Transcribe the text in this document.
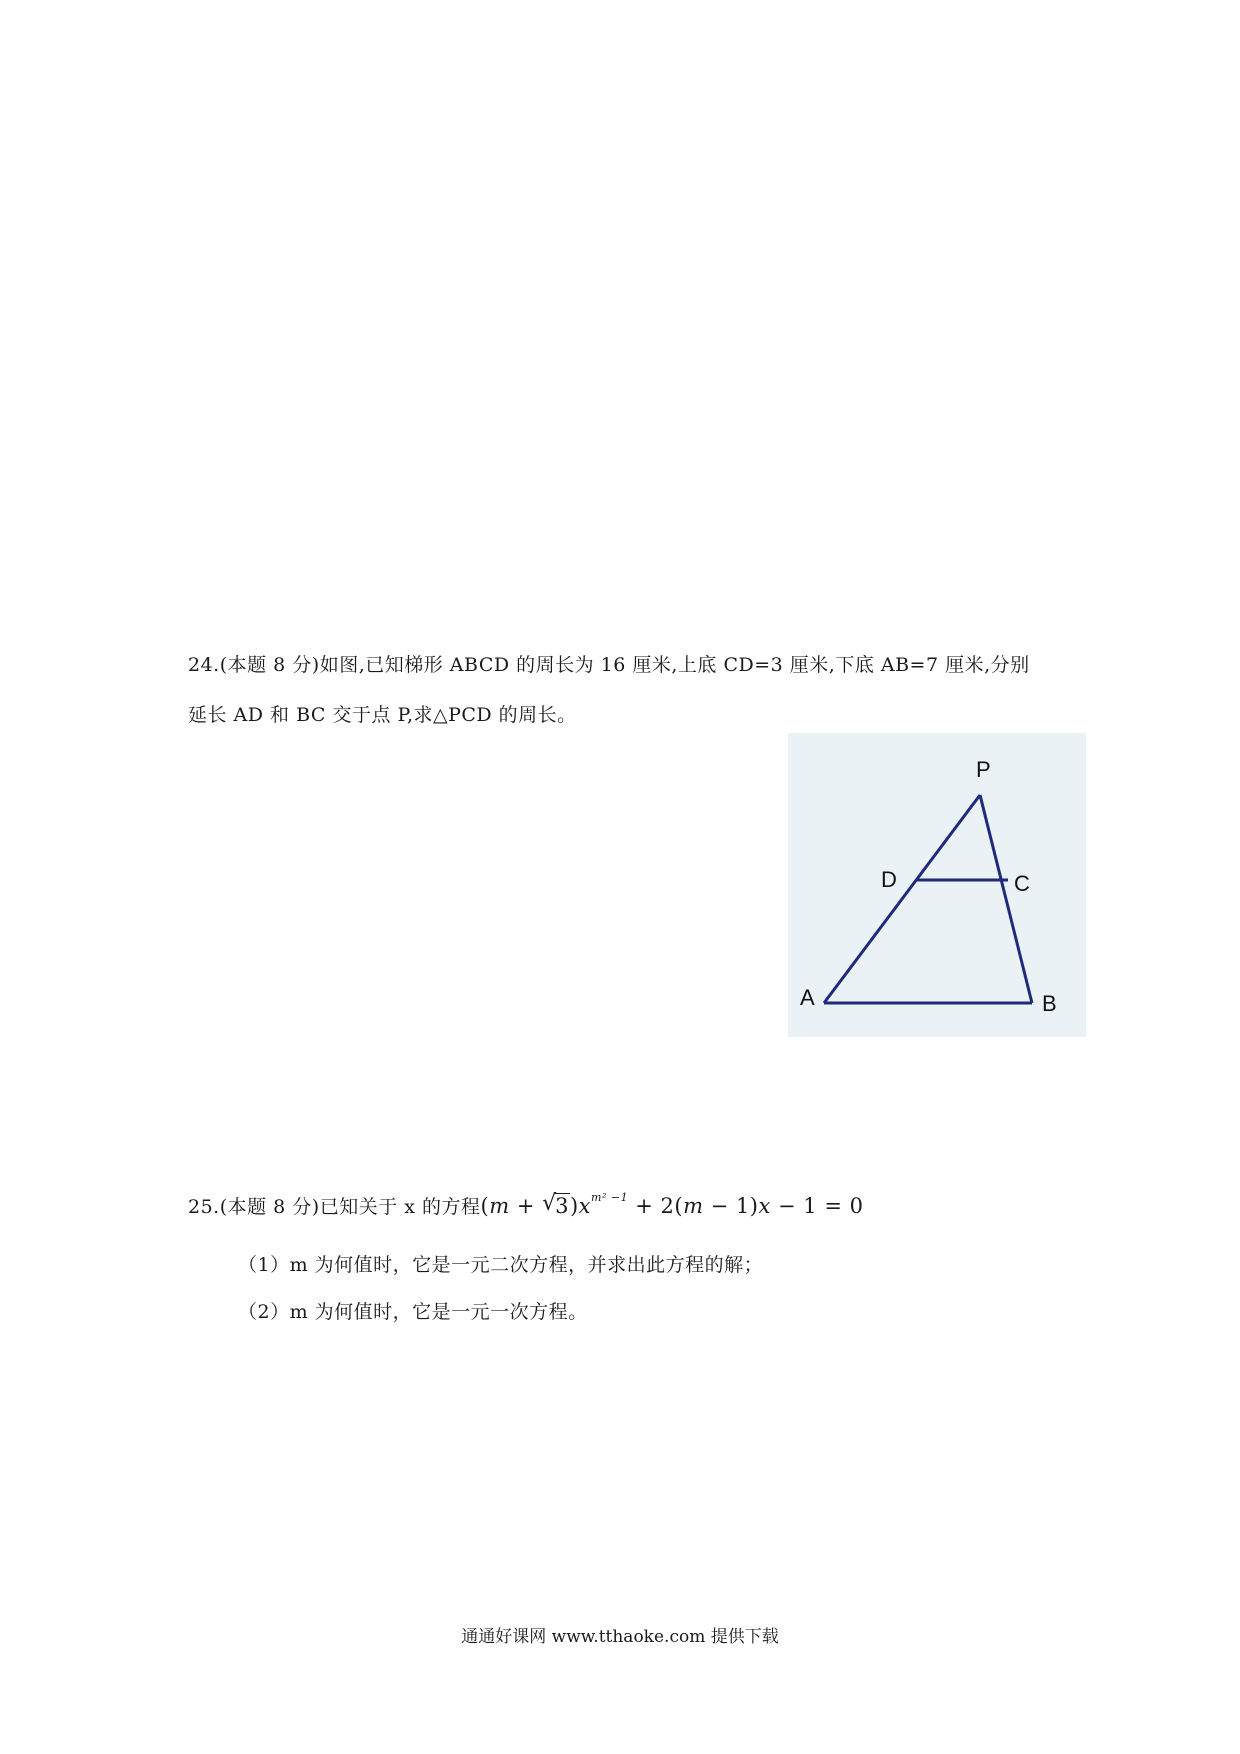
24.(本题 8 分)如图,已知梯形 ABCD 的周长为 16 厘米,上底 CD=3 厘米,下底 AB=7 厘米,分别
延长 AD 和 BC 交于点 P,求△PCD 的周长。
P
D	C
A	B
25.(本题 8 分)已知关于 x 的方程(m + √
$3)x^{m^2 -1} + 2(m - 1)x - 1 = 0$
（1）m 为何值时，它是一元二次方程，并求出此方程的解；
（2）m 为何值时，它是一元一次方程。
通通好课网 www.tthaoke.com 提供下载
